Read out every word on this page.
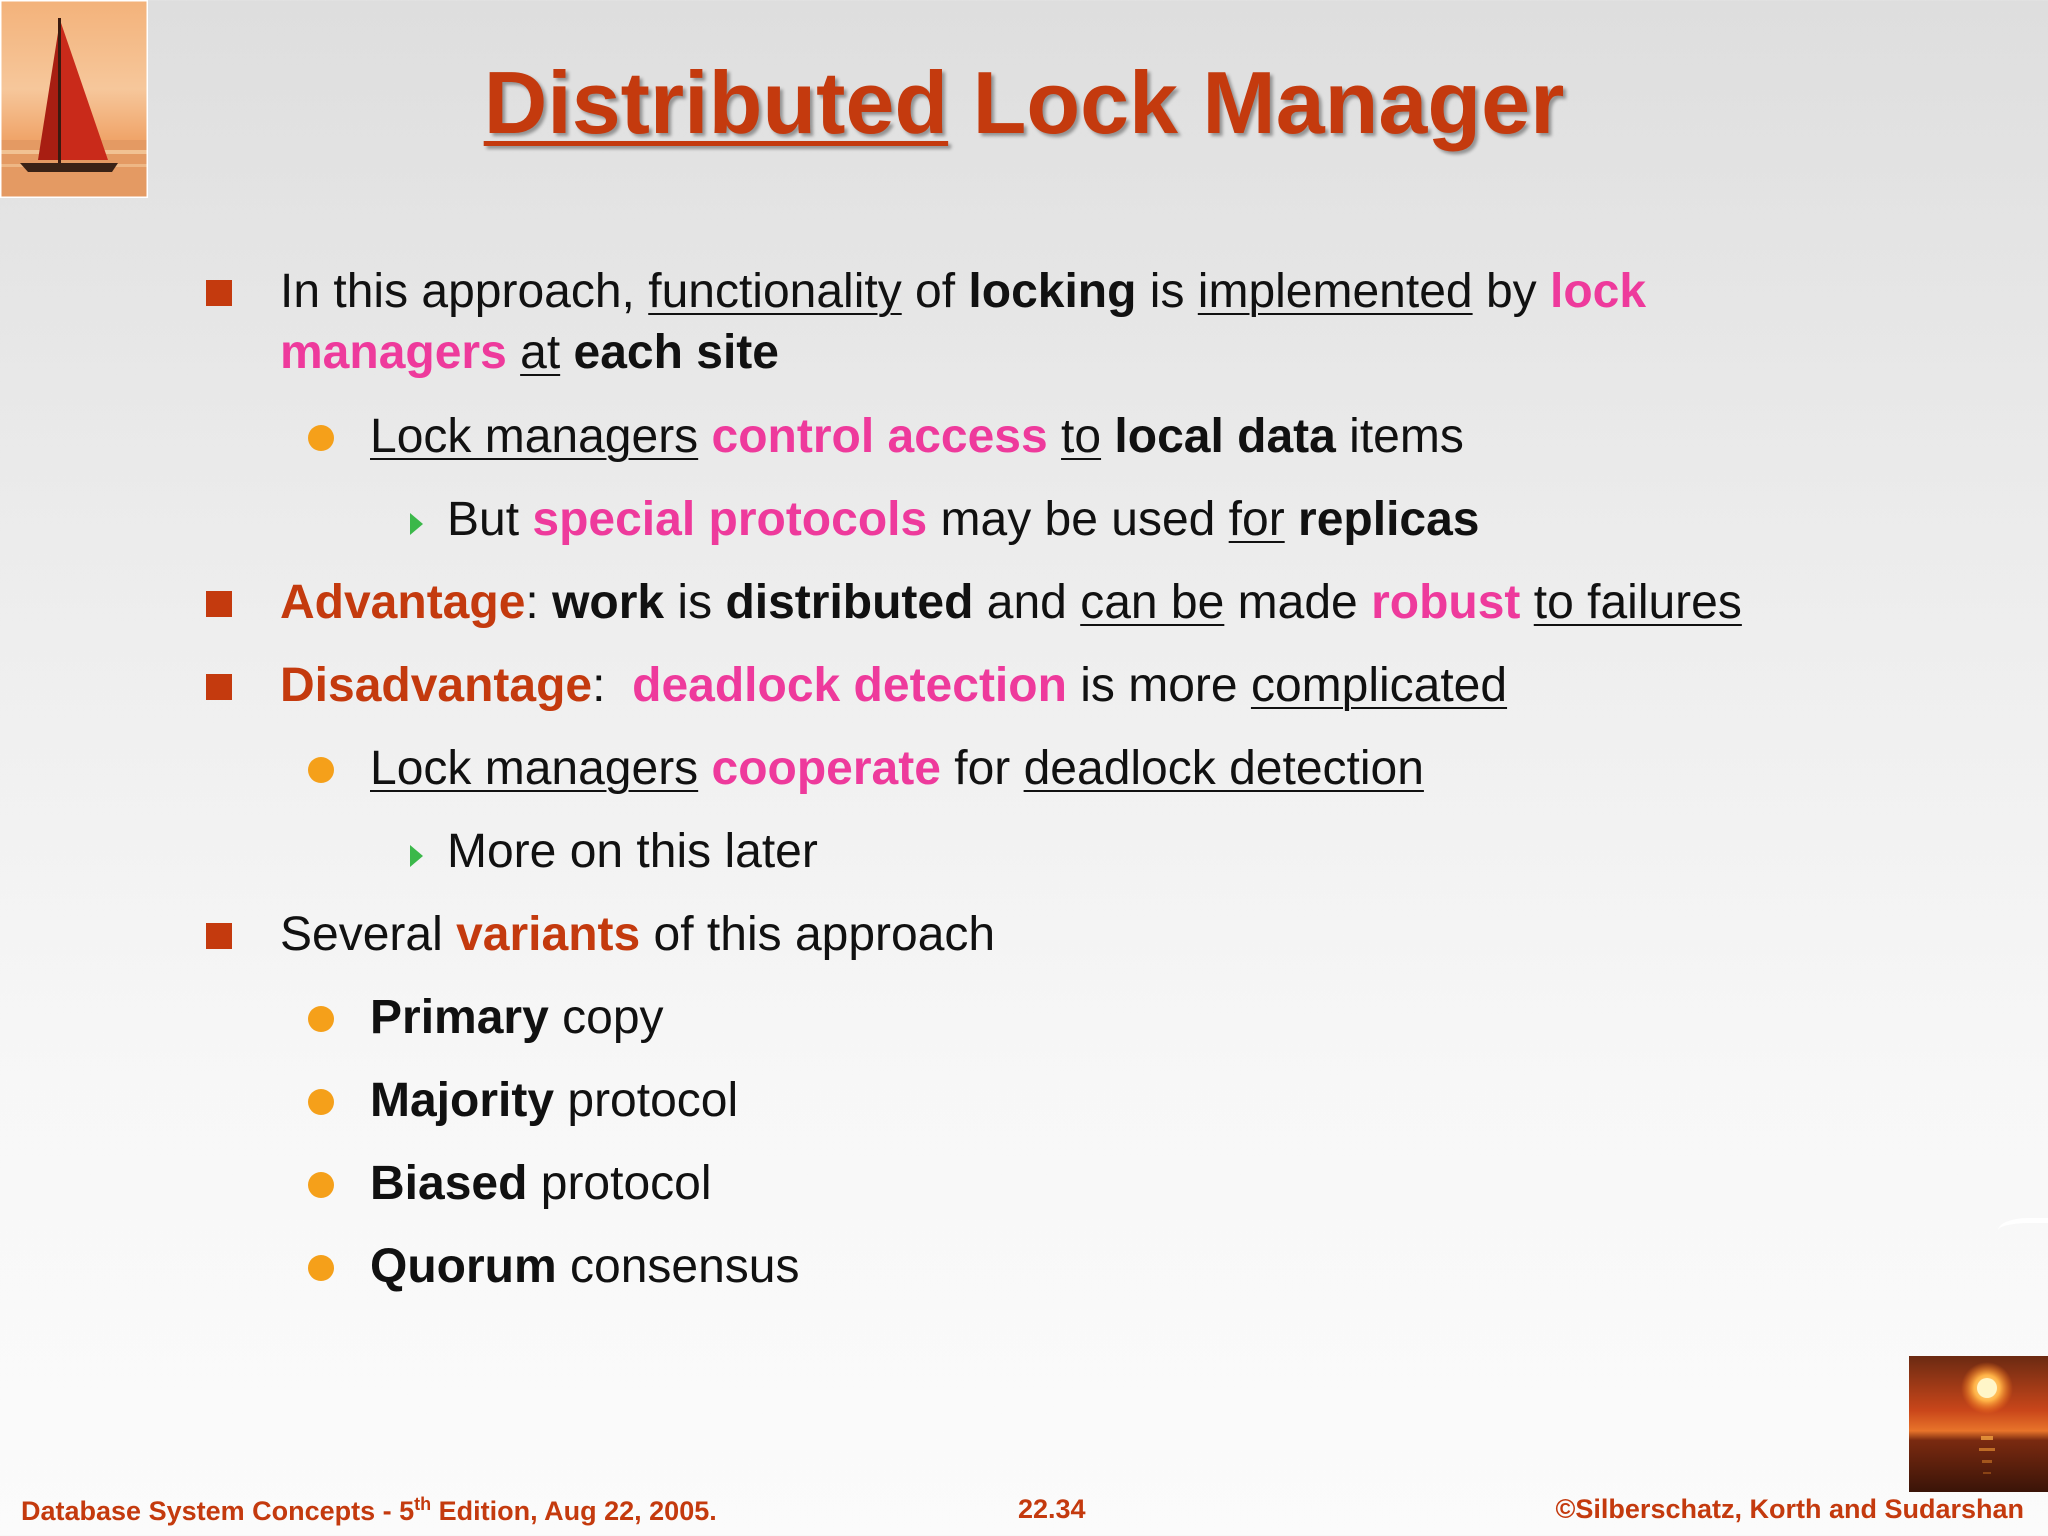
Distributed Lock Manager
In this approach, functionality of locking is implemented by lock
managers at each site
Lock managers control access to local data items
But special protocols may be used for replicas
Advantage: work is distributed and can be made robust to failures
Disadvantage:  deadlock detection is more complicated
Lock managers cooperate for deadlock detection
More on this later
Several variants of this approach
Primary copy
Majority protocol
Biased protocol
Quorum consensus
Database System Concepts - 5th Edition, Aug 22, 2005.	22.34	©Silberschatz, Korth and Sudarshan
